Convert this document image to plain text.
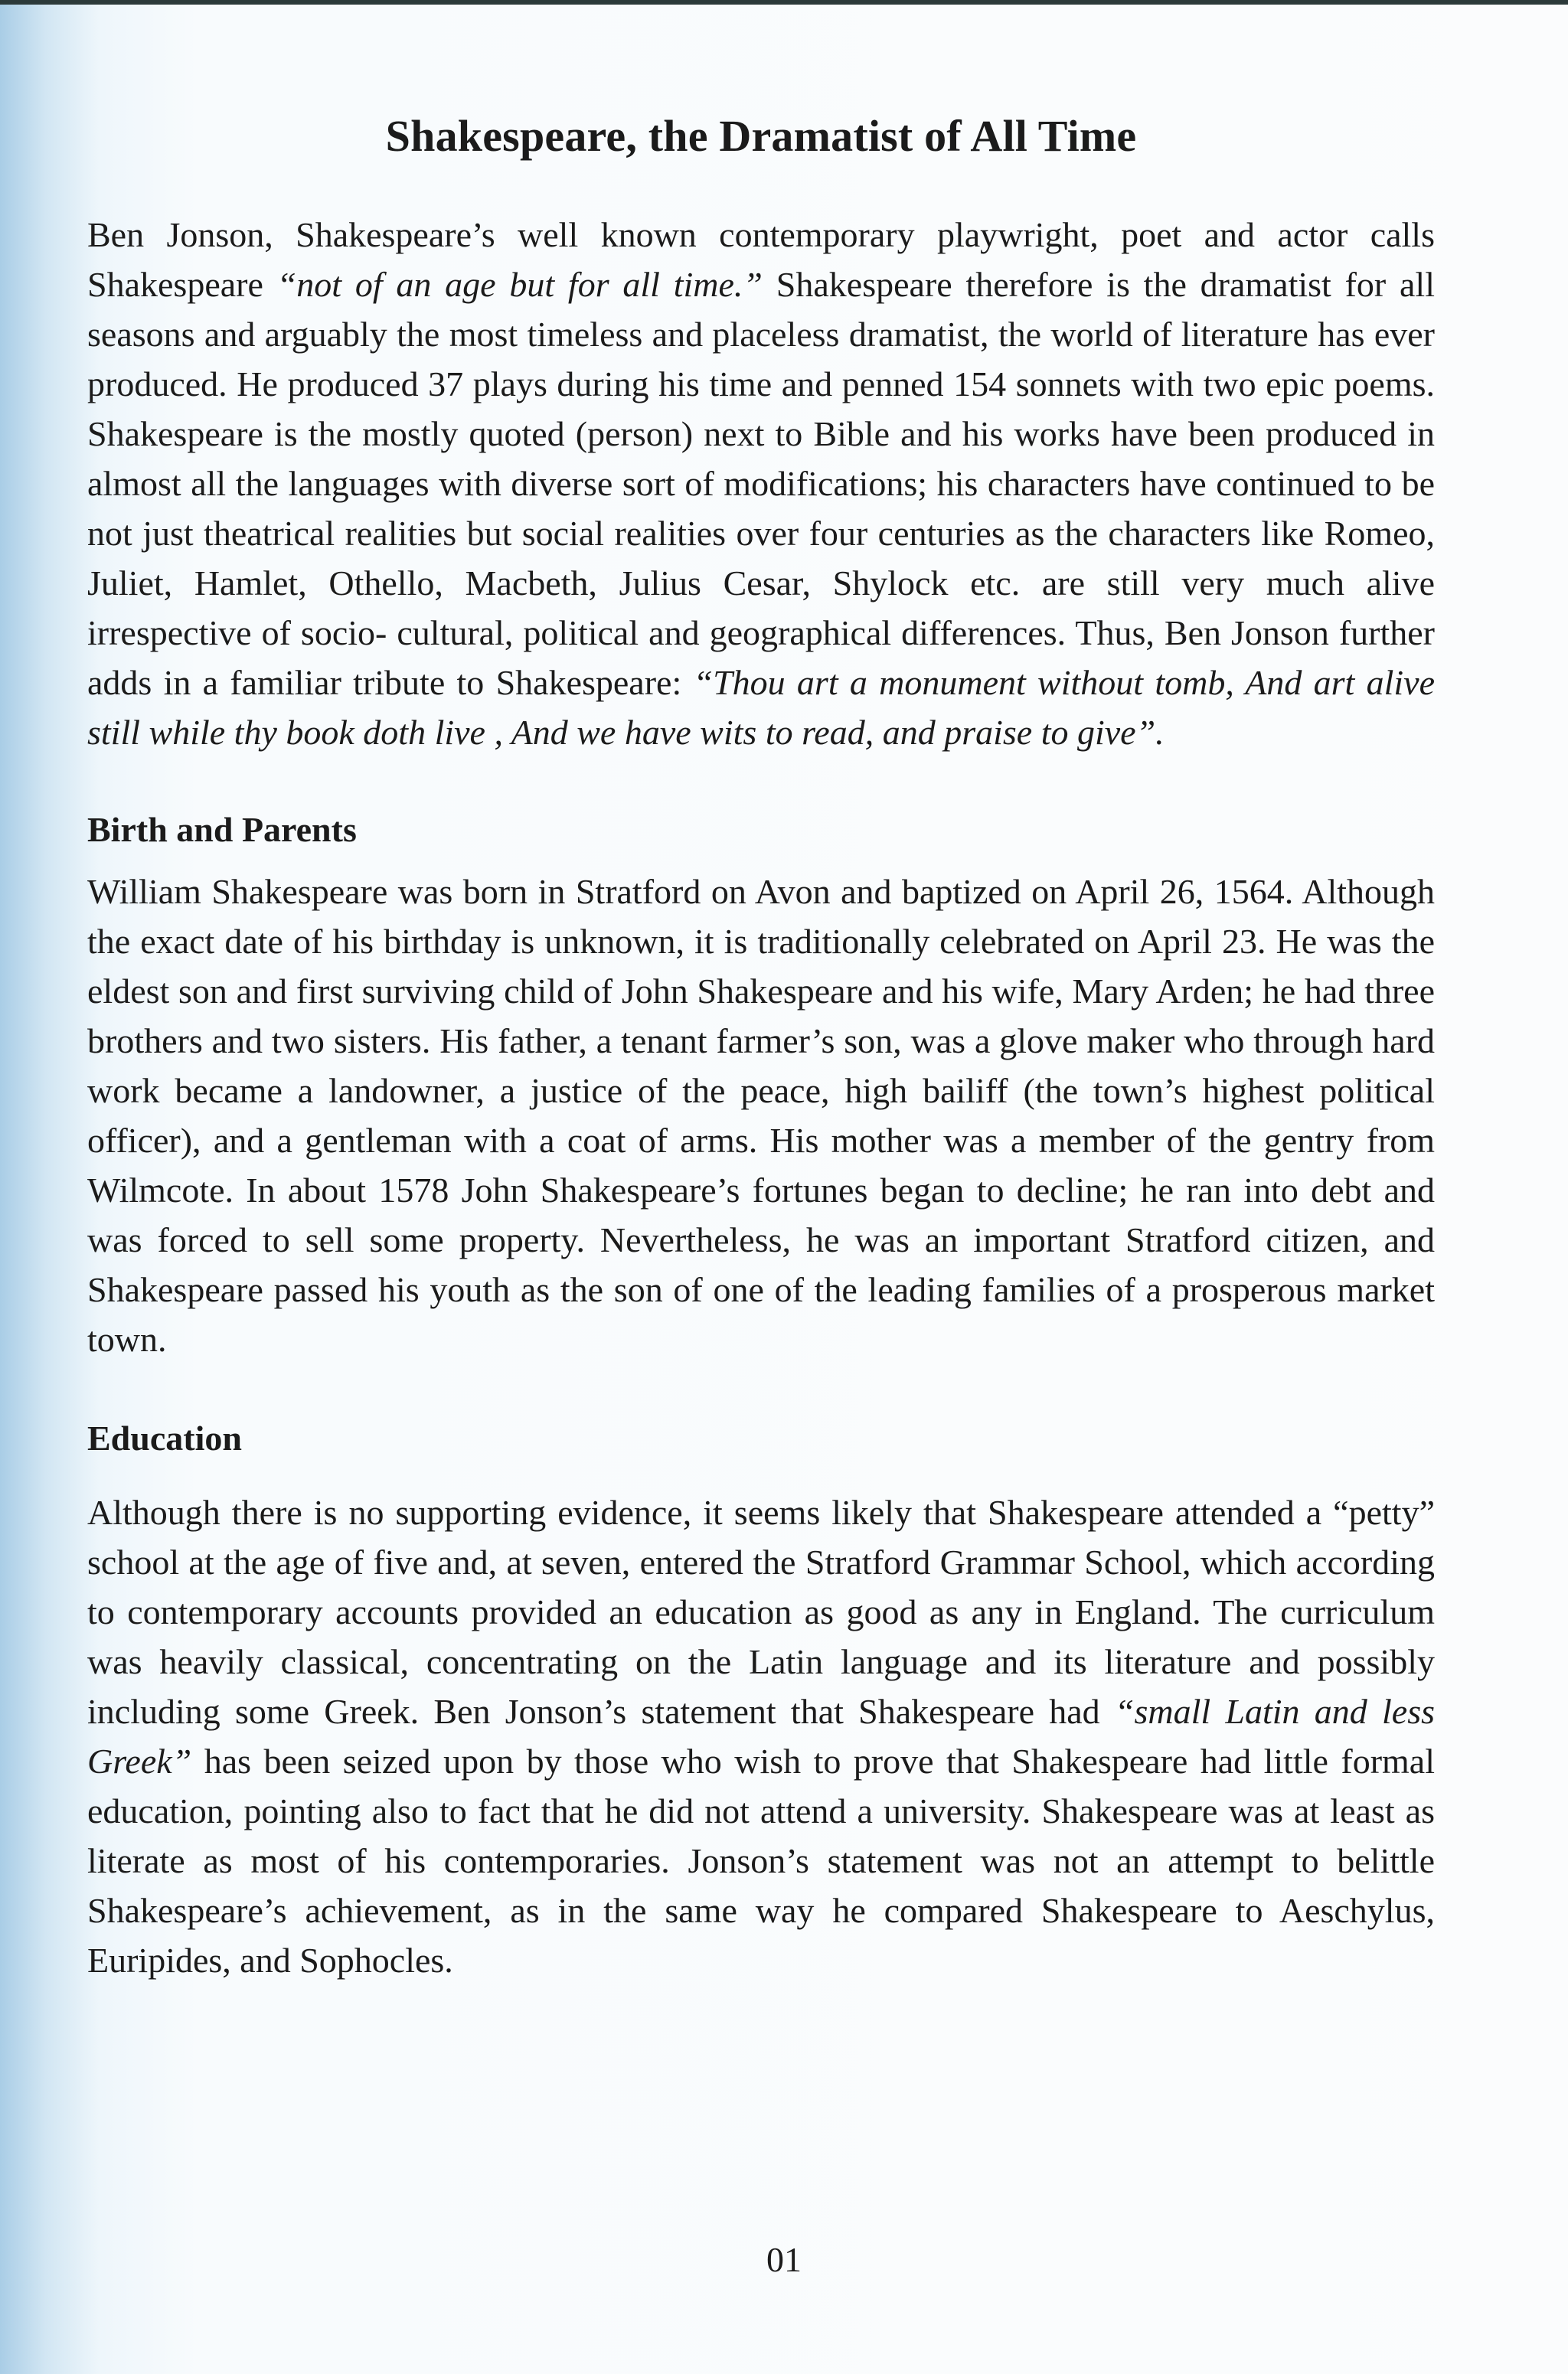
Shakespeare, the Dramatist of All Time

Ben Jonson, Shakespeare’s well known contemporary playwright, poet and actor calls Shakespeare “not of an age but for all time.” Shakespeare therefore is the dramatist for all seasons and arguably the most timeless and placeless dramatist, the world of literature has ever produced. He produced 37 plays during his time and penned 154 sonnets with two epic poems. Shakespeare is the mostly quoted (person) next to Bible and his works have been produced in almost all the languages with diverse sort of modifications; his characters have continued to be not just theatrical realities but social realities over four centuries as the characters like Romeo, Juliet, Hamlet, Othello, Macbeth, Julius Cesar, Shylock etc. are still very much alive irrespective of socio- cultural, political and geographical differences. Thus, Ben Jonson further adds in a familiar tribute to Shakespeare: “Thou art a monument without tomb, And art alive still while thy book doth live , And we have wits to read, and praise to give”.

Birth and Parents

William Shakespeare was born in Stratford on Avon and baptized on April 26, 1564. Although the exact date of his birthday is unknown, it is traditionally celebrated on April 23. He was the eldest son and first surviving child of John Shakespeare and his wife, Mary Arden; he had three brothers and two sisters. His father, a tenant farmer’s son, was a glove maker who through hard work became a landowner, a justice of the peace, high bailiff (the town’s highest political officer), and a gentleman with a coat of arms. His mother was a member of the gentry from Wilmcote. In about 1578 John Shakespeare’s fortunes began to decline; he ran into debt and was forced to sell some property. Nevertheless, he was an important Stratford citizen, and Shakespeare passed his youth as the son of one of the leading families of a prosperous market town.

Education

Although there is no supporting evidence, it seems likely that Shakespeare attended a “petty” school at the age of five and, at seven, entered the Stratford Grammar School, which according to contemporary accounts provided an education as good as any in England. The curriculum was heavily classical, concentrating on the Latin language and its literature and possibly including some Greek. Ben Jonson’s statement that Shakespeare had “small Latin and less Greek” has been seized upon by those who wish to prove that Shakespeare had little formal education, pointing also to fact that he did not attend a university. Shakespeare was at least as literate as most of his contemporaries. Jonson’s statement was not an attempt to belittle Shakespeare’s achievement, as in the same way he compared Shakespeare to Aeschylus, Euripides, and Sophocles.

01
